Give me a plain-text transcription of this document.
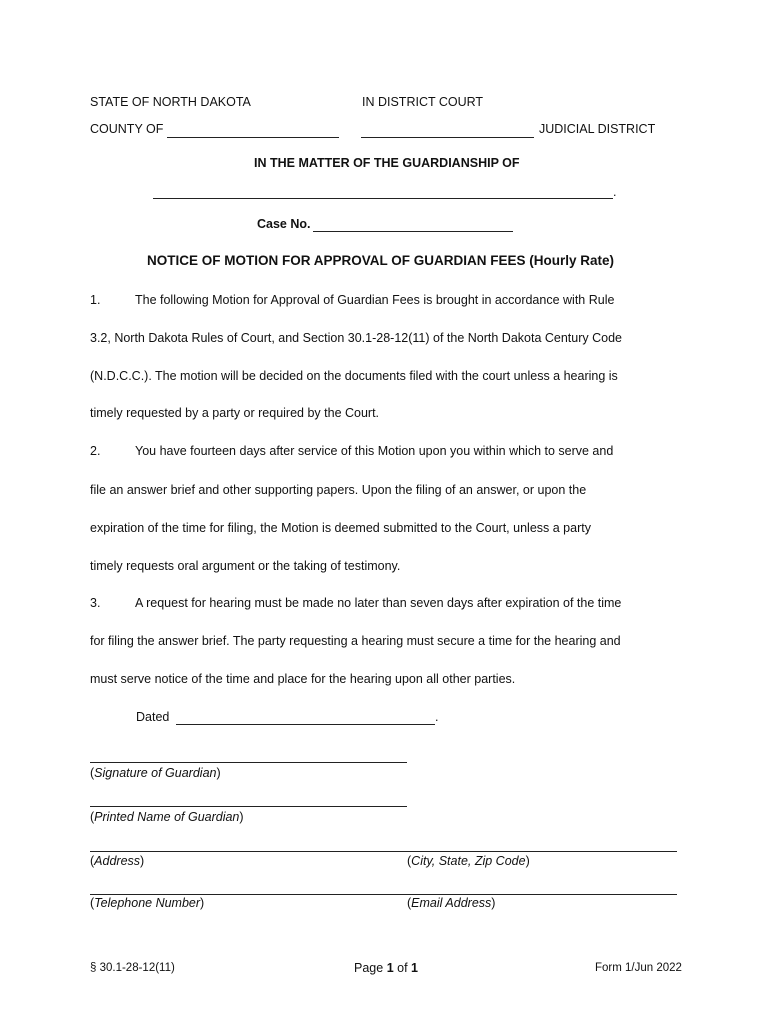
STATE OF NORTH DAKOTA	IN DISTRICT COURT
COUNTY OF	JUDICIAL DISTRICT
IN THE MATTER OF THE GUARDIANSHIP OF
.
Case No.
NOTICE OF MOTION FOR APPROVAL OF GUARDIAN FEES (Hourly Rate)
1.	The following Motion for Approval of Guardian Fees is brought in accordance with Rule
3.2, North Dakota Rules of Court, and Section 30.1-28-12(11) of the North Dakota Century Code
(N.D.C.C.). The motion will be decided on the documents filed with the court unless a hearing is
timely requested by a party or required by the Court.
2.	You have fourteen days after service of this Motion upon you within which to serve and
file an answer brief and other supporting papers. Upon the filing of an answer, or upon the
expiration of the time for filing, the Motion is deemed submitted to the Court, unless a party
timely requests oral argument or the taking of testimony.
3.	A request for hearing must be made no later than seven days after expiration of the time
for filing the answer brief. The party requesting a hearing must secure a time for the hearing and
must serve notice of the time and place for the hearing upon all other parties.
Dated	.
(Signature of Guardian)
(Printed Name of Guardian)
(Address)	(City, State, Zip Code)
(Telephone Number)	(Email Address)
§ 30.1-28-12(11)	Page 1 of 1	Form 1/Jun 2022
